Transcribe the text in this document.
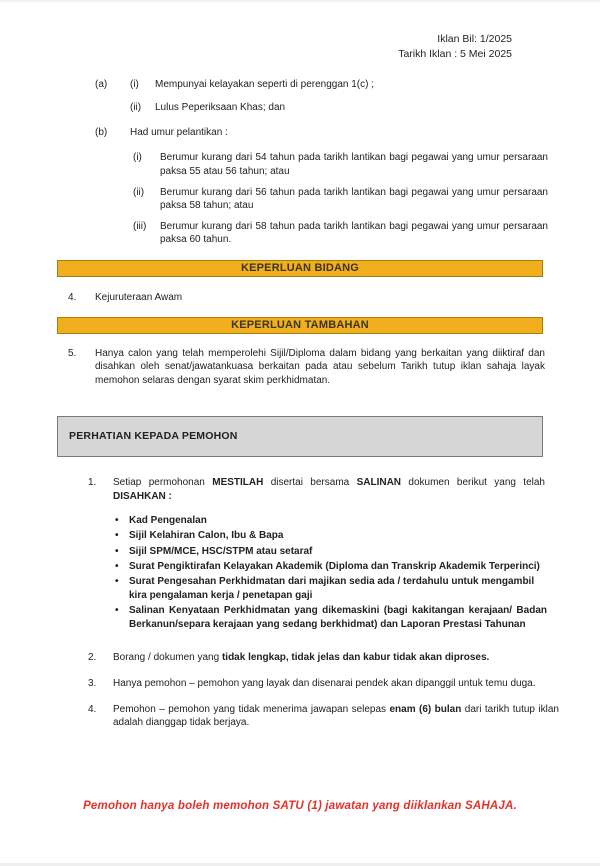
Iklan Bil: 1/2025
Tarikh Iklan : 5 Mei 2025
(a)	(i)	Mempunyai kelayakan seperti di perenggan 1(c) ;
(ii)	Lulus Peperiksaan Khas; dan
(b)	Had umur pelantikan :
(i)	Berumur kurang dari 54 tahun pada tarikh lantikan bagi pegawai yang umur persaraan paksa 55 atau 56 tahun; atau
(ii)	Berumur kurang dari 56 tahun pada tarikh lantikan bagi pegawai yang umur persaraan paksa 58 tahun; atau
(iii)	Berumur kurang dari 58 tahun pada tarikh lantikan bagi pegawai yang umur persaraan paksa 60 tahun.
KEPERLUAN BIDANG
4.	Kejuruteraan Awam
KEPERLUAN TAMBAHAN
5.	Hanya calon yang telah memperolehi Sijil/Diploma dalam bidang yang berkaitan yang diiktiraf dan disahkan oleh senat/jawatankuasa berkaitan pada atau sebelum Tarikh tutup iklan sahaja layak memohon selaras dengan syarat skim perkhidmatan.
PERHATIAN KEPADA PEMOHON
1.	Setiap permohonan MESTILAH disertai bersama SALINAN dokumen berikut yang telah DISAHKAN :
•	Kad Pengenalan
•	Sijil Kelahiran Calon, Ibu & Bapa
•	Sijil SPM/MCE, HSC/STPM atau setaraf
•	Surat Pengiktirafan Kelayakan Akademik (Diploma dan Transkrip Akademik Terperinci)
•	Surat Pengesahan Perkhidmatan dari majikan sedia ada / terdahulu untuk mengambil kira pengalaman kerja / penetapan gaji
•	Salinan Kenyataan Perkhidmatan yang dikemaskini (bagi kakitangan kerajaan/ Badan Berkanun/separa kerajaan yang sedang berkhidmat) dan Laporan Prestasi Tahunan
2.	Borang / dokumen yang tidak lengkap, tidak jelas dan kabur tidak akan diproses.
3.	Hanya pemohon – pemohon yang layak dan disenarai pendek akan dipanggil untuk temu duga.
4.	Pemohon – pemohon yang tidak menerima jawapan selepas enam (6) bulan dari tarikh tutup iklan adalah dianggap tidak berjaya.
Pemohon hanya boleh memohon SATU (1) jawatan yang diiklankan SAHAJA.
